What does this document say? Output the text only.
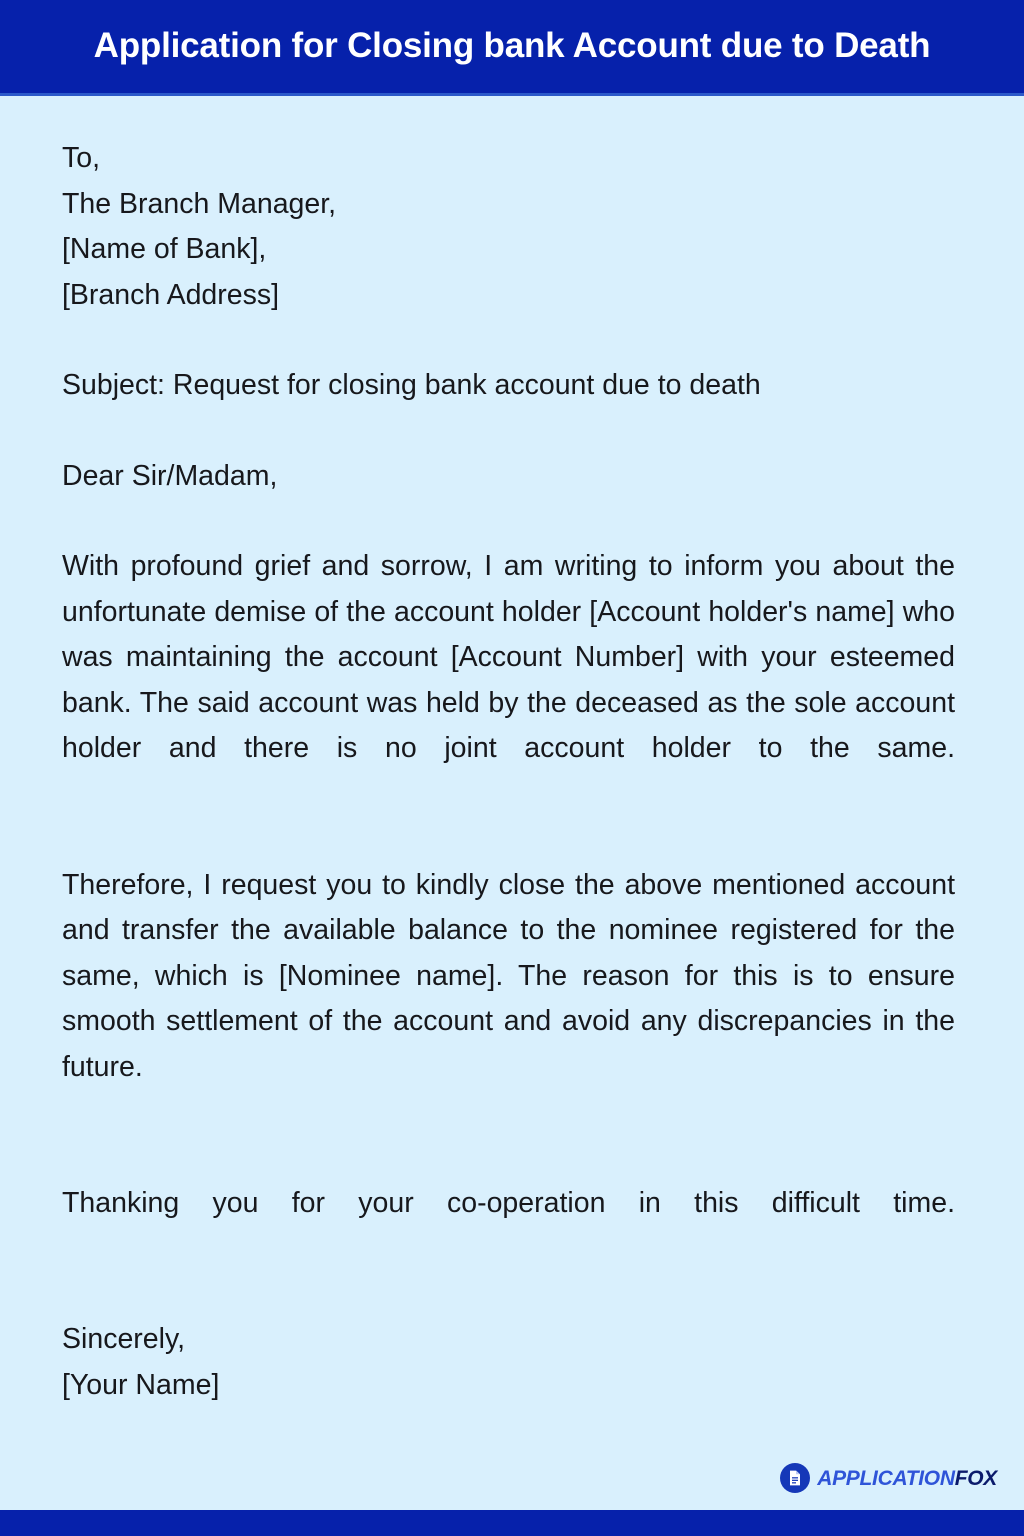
Application for Closing bank Account due to Death
To,
The Branch Manager,
[Name of Bank],
[Branch Address]
Subject: Request for closing bank account due to death
Dear Sir/Madam,

With profound grief and sorrow, I am writing to inform you about the unfortunate demise of the account holder [Account holder's name] who was maintaining the account [Account Number] with your esteemed bank. The said account was held by the deceased as the sole account holder and there is no joint account holder to the same.

Therefore, I request you to kindly close the above mentioned account and transfer the available balance to the nominee registered for the same, which is [Nominee name]. The reason for this is to ensure smooth settlement of the account and avoid any discrepancies in the future.

Thanking you for your co-operation in this difficult time.

Sincerely,
[Your Name]
APPLICATIONFOX
